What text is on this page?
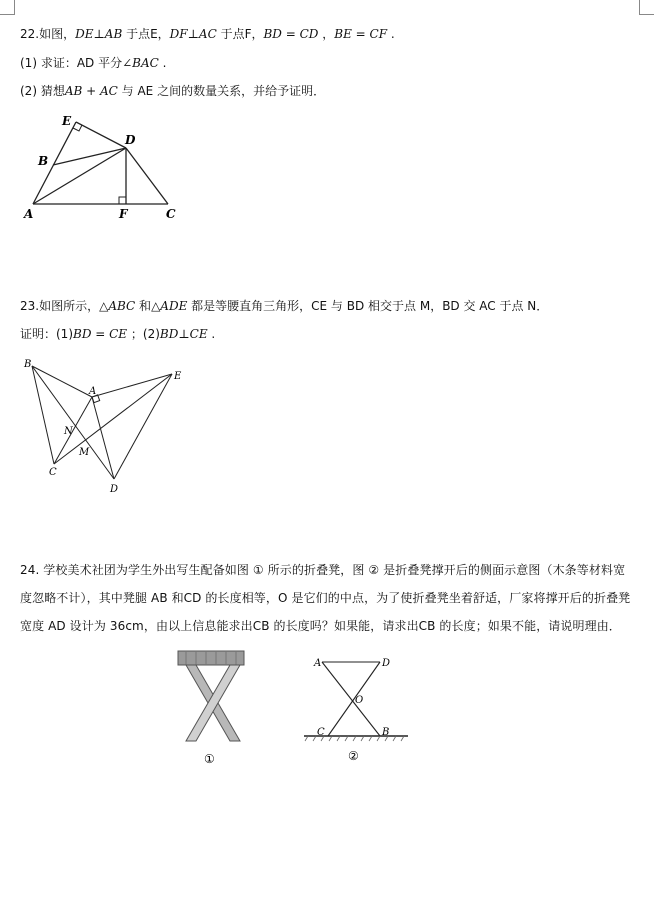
22.如图，DE⊥AB 于点E，DF⊥AC 于点F，BD = CD ，BE = CF .
(1) 求证：AD 平分∠BAC .
(2) 猜想AB + AC 与 AE 之间的数量关系，并给予证明．
E
D
B
A	F	C
23.如图所示，△ABC 和△ADE 都是等腰直角三角形，CE 与 BD 相交于点 M，BD 交 AC 于点 N．
证明：(1)BD = CE ；(2)BD⊥CE .
B
A
E
N
M
C
D
24. 学校美术社团为学生外出写生配备如图 ① 所示的折叠凳，图 ② 是折叠凳撑开后的侧面示意图（木条等材料宽
度忽略不计），其中凳腿 AB 和CD 的长度相等，O 是它们的中点，为了使折叠凳坐着舒适，厂家将撑开后的折叠凳
宽度 AD 设计为 36cm，由以上信息能求出CB 的长度吗？如果能，请求出CB 的长度；如果不能，请说明理由．
①
A	D
O
C	B
②
